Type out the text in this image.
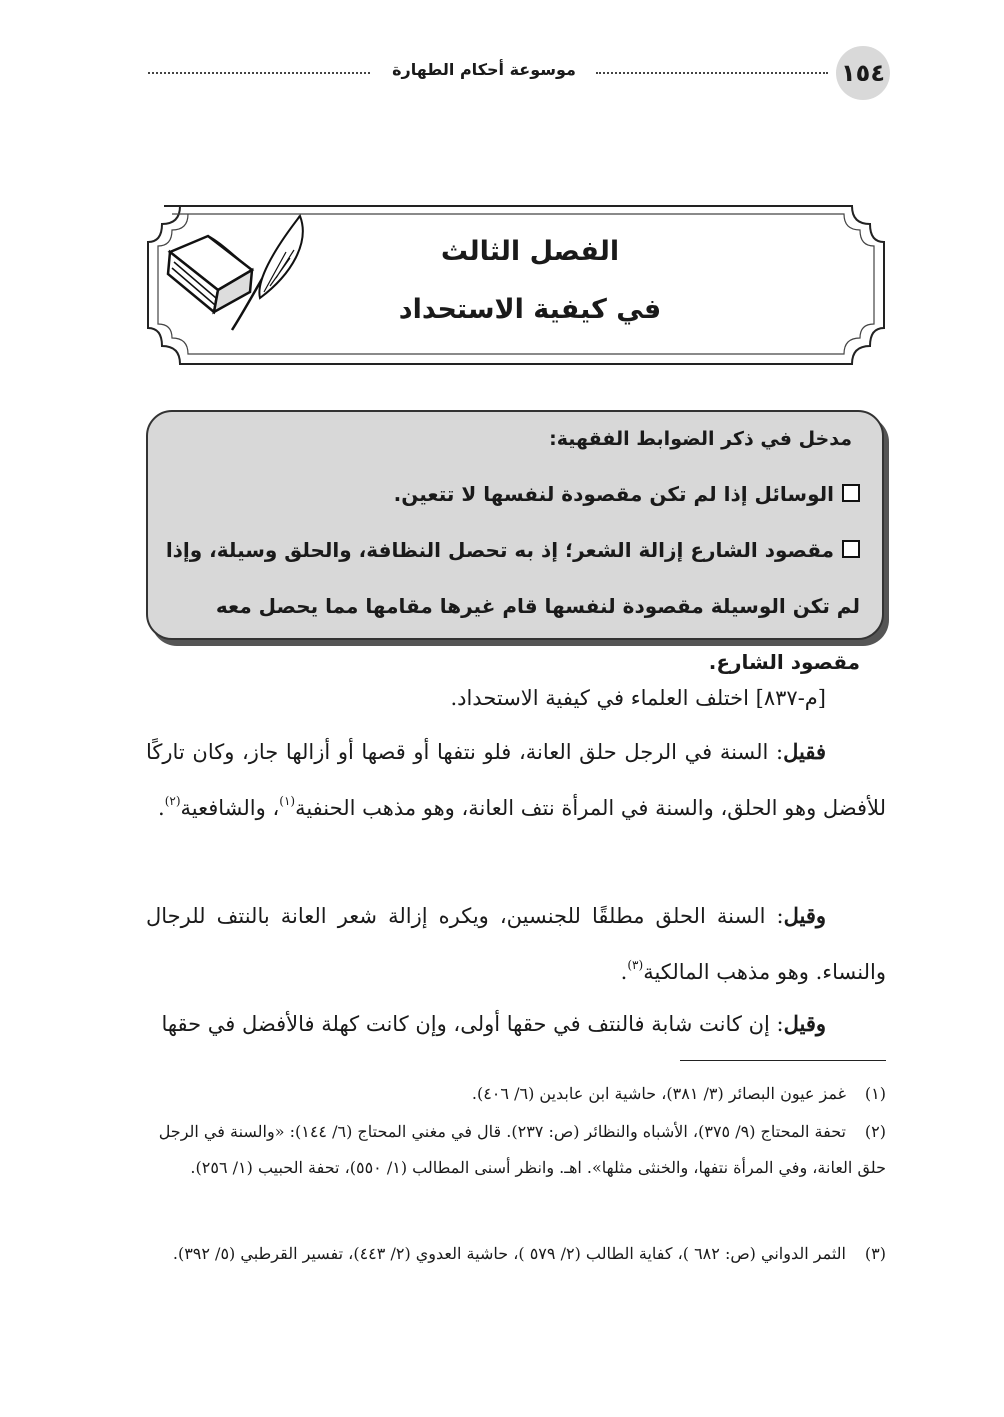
١٥٤
موسوعة أحكام الطهارة
الفصل الثالث
في كيفية الاستحداد
مدخل في ذكر الضوابط الفقهية:
الوسائل إذا لم تكن مقصودة لنفسها لا تتعين.
مقصود الشارع إزالة الشعر؛ إذ به تحصل النظافة، والحلق وسيلة، وإذا لم تكن الوسيلة مقصودة لنفسها قام غيرها مقامها مما يحصل معه مقصود الشارع.
[م-٨٣٧] اختلف العلماء في كيفية الاستحداد.
فقيل: السنة في الرجل حلق العانة، فلو نتفها أو قصها أو أزالها جاز، وكان تاركًا للأفضل وهو الحلق، والسنة في المرأة نتف العانة، وهو مذهب الحنفية$^{(١)}$، والشافعية$^{(٢)}$.
وقيل: السنة الحلق مطلقًا للجنسين، ويكره إزالة شعر العانة بالنتف للرجال والنساء. وهو مذهب المالكية$^{(٣)}$.
وقيل: إن كانت شابة فالنتف في حقها أولى، وإن كانت كهلة فالأفضل في حقها
(١)غمز عيون البصائر (٣/ ٣٨١)، حاشية ابن عابدين (٦/ ٤٠٦).
(٢)تحفة المحتاج (٩/ ٣٧٥)، الأشباه والنظائر (ص: ٢٣٧). قال في مغني المحتاج (٦/ ١٤٤): «والسنة في الرجل حلق العانة، وفي المرأة نتفها، والخنثى مثلها». اهـ. وانظر أسنى المطالب (١/ ٥٥٠)، تحفة الحبيب (١/ ٢٥٦).
(٣)الثمر الدواني (ص: ٦٨٢ )، كفاية الطالب (٢/ ٥٧٩ )، حاشية العدوي (٢/ ٤٤٣)، تفسير القرطبي (٥/ ٣٩٢).
